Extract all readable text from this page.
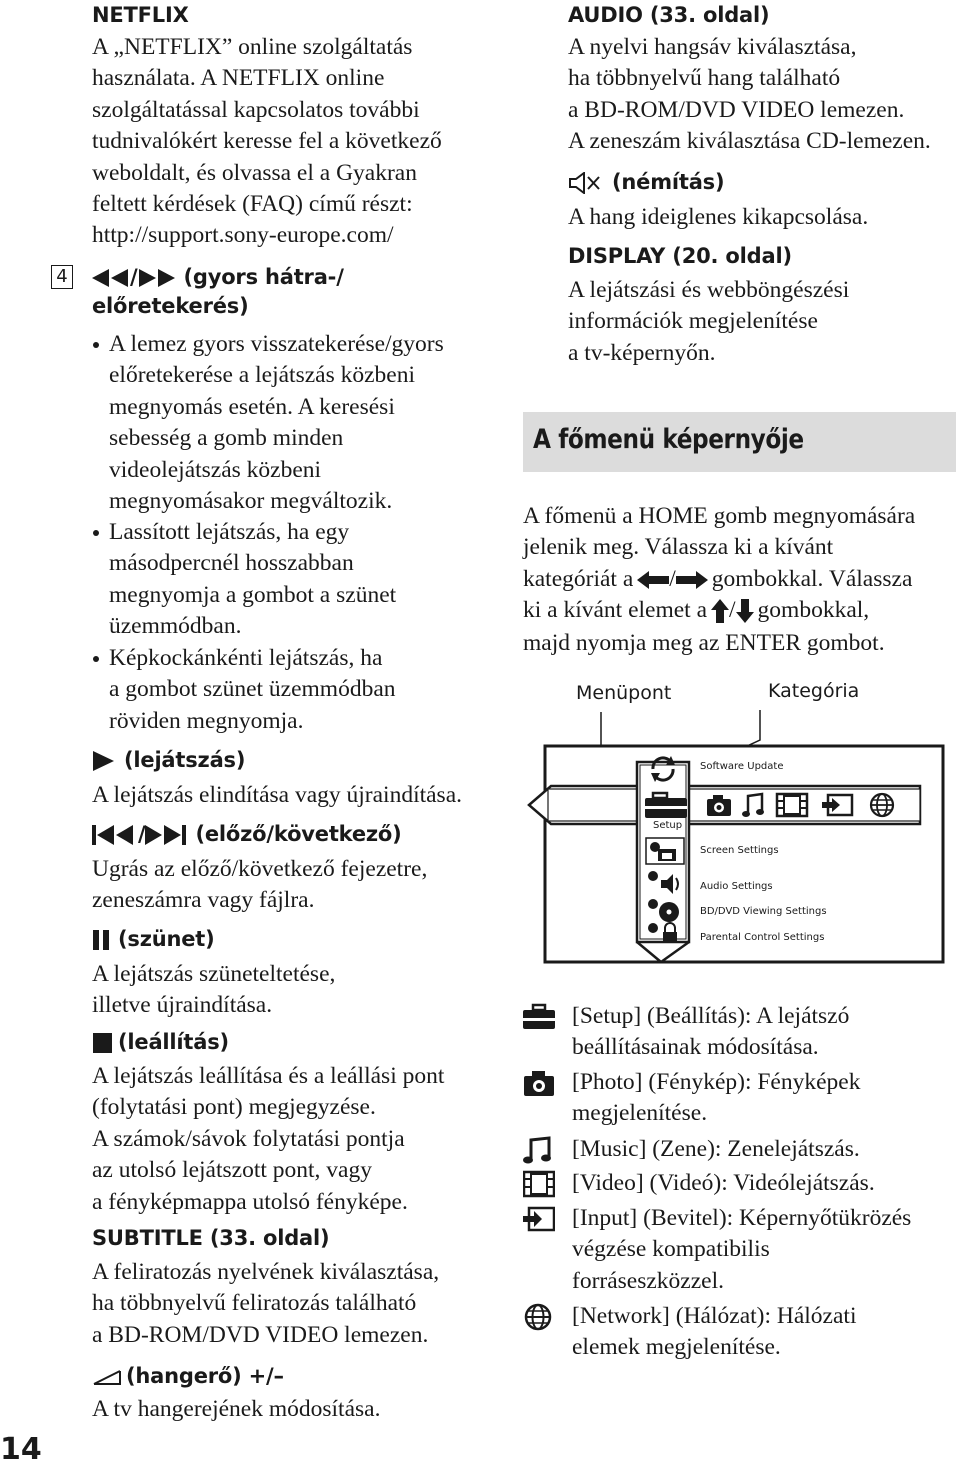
NETFLIX

A „NETFLIX” online szolgáltatás
használata. A NETFLIX online
szolgáltatással kapcsolatos további
tudnivalókért keresse fel a következő
weboldalt, és olvassa el a Gyakran
feltett kérdések (FAQ) című részt:
http://support.sony-europe.com/

/ (gyors hátra-/
előretekerés)

A lemez gyors visszatekerése/gyors
előretekerése a lejátszás közbeni
megnyomás esetén. A keresési
sebesség a gomb minden
videolejátszás közbeni
megnyomásakor megváltozik.

Lassított lejátszás, ha egy
másodpercnél hosszabban
megnyomja a gombot a szünet
üzemmódban.

Képkockánkénti lejátszás, ha
a gombot szünet üzemmódban
röviden megnyomja.

(lejátszás)

A lejátszás elindítása vagy újraindítása.

/ (előző/következő)

Ugrás az előző/következő fejezetre,
zeneszámra vagy fájlra.

(szünet)

A lejátszás szüneteltetése,
illetve újraindítása.

(leállítás)

A lejátszás leállítása és a leállási pont
(folytatási pont) megjegyzése.
A számok/sávok folytatási pontja
az utolsó lejátszott pont, vagy
a fényképmappa utolsó fényképe.

SUBTITLE (33. oldal)

A feliratozás nyelvének kiválasztása,
ha többnyelvű feliratozás található
a BD-ROM/DVD VIDEO lemezen.

(hangerő) +/–

A tv hangerejének módosítása.

4
14

AUDIO (33. oldal)

A nyelvi hangsáv kiválasztása,
ha többnyelvű hang található
a BD-ROM/DVD VIDEO lemezen.
A zeneszám kiválasztása CD-lemezen.

(némítás)

A hang ideiglenes kikapcsolása.

DISPLAY (20. oldal)

A lejátszási és webböngészési
információk megjelenítése
a tv-képernyőn.

A főmenü képernyője

A főmenü a HOME gomb megnyomására
jelenik meg. Válassza ki a kívánt
kategóriát a / gombokkal. Válassza
ki a kívánt elemet a / gombokkal,
majd nyomja meg az ENTER gombot.

Menüpont	Kategória
Setup
Software Update
Screen Settings
Audio Settings
BD/DVD Viewing Settings
Parental Control Settings

[Setup] (Beállítás): A lejátszó
beállításainak módosítása.

[Photo] (Fénykép): Fényképek
megjelenítése.

[Music] (Zene): Zenelejátszás.

[Video] (Videó): Videólejátszás.

[Input] (Bevitel): Képernyőtükrözés
végzése kompatibilis
forráseszközzel.

[Network] (Hálózat): Hálózati
elemek megjelenítése.
